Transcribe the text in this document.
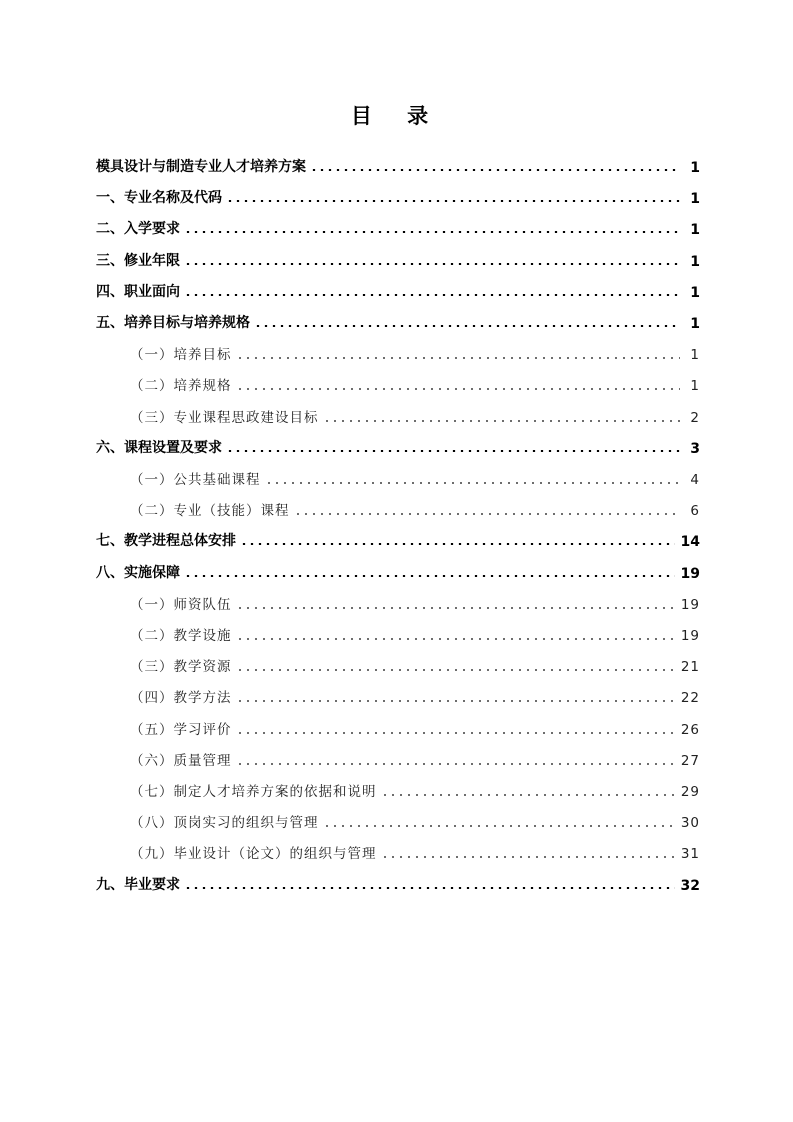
目 录
模具设计与制造专业人才培养方案	1
一、专业名称及代码	1
二、入学要求	1
三、修业年限	1
四、职业面向	1
五、培养目标与培养规格	1
（一）培养目标	1
（二）培养规格	1
（三）专业课程思政建设目标	2
六、课程设置及要求	3
（一）公共基础课程	4
（二）专业（技能）课程	6
七、教学进程总体安排	14
八、实施保障	19
（一）师资队伍	19
（二）教学设施	19
（三）教学资源	21
（四）教学方法	22
（五）学习评价	26
（六）质量管理	27
（七）制定人才培养方案的依据和说明	29
（八）顶岗实习的组织与管理	30
（九）毕业设计（论文）的组织与管理	31
九、毕业要求	32
